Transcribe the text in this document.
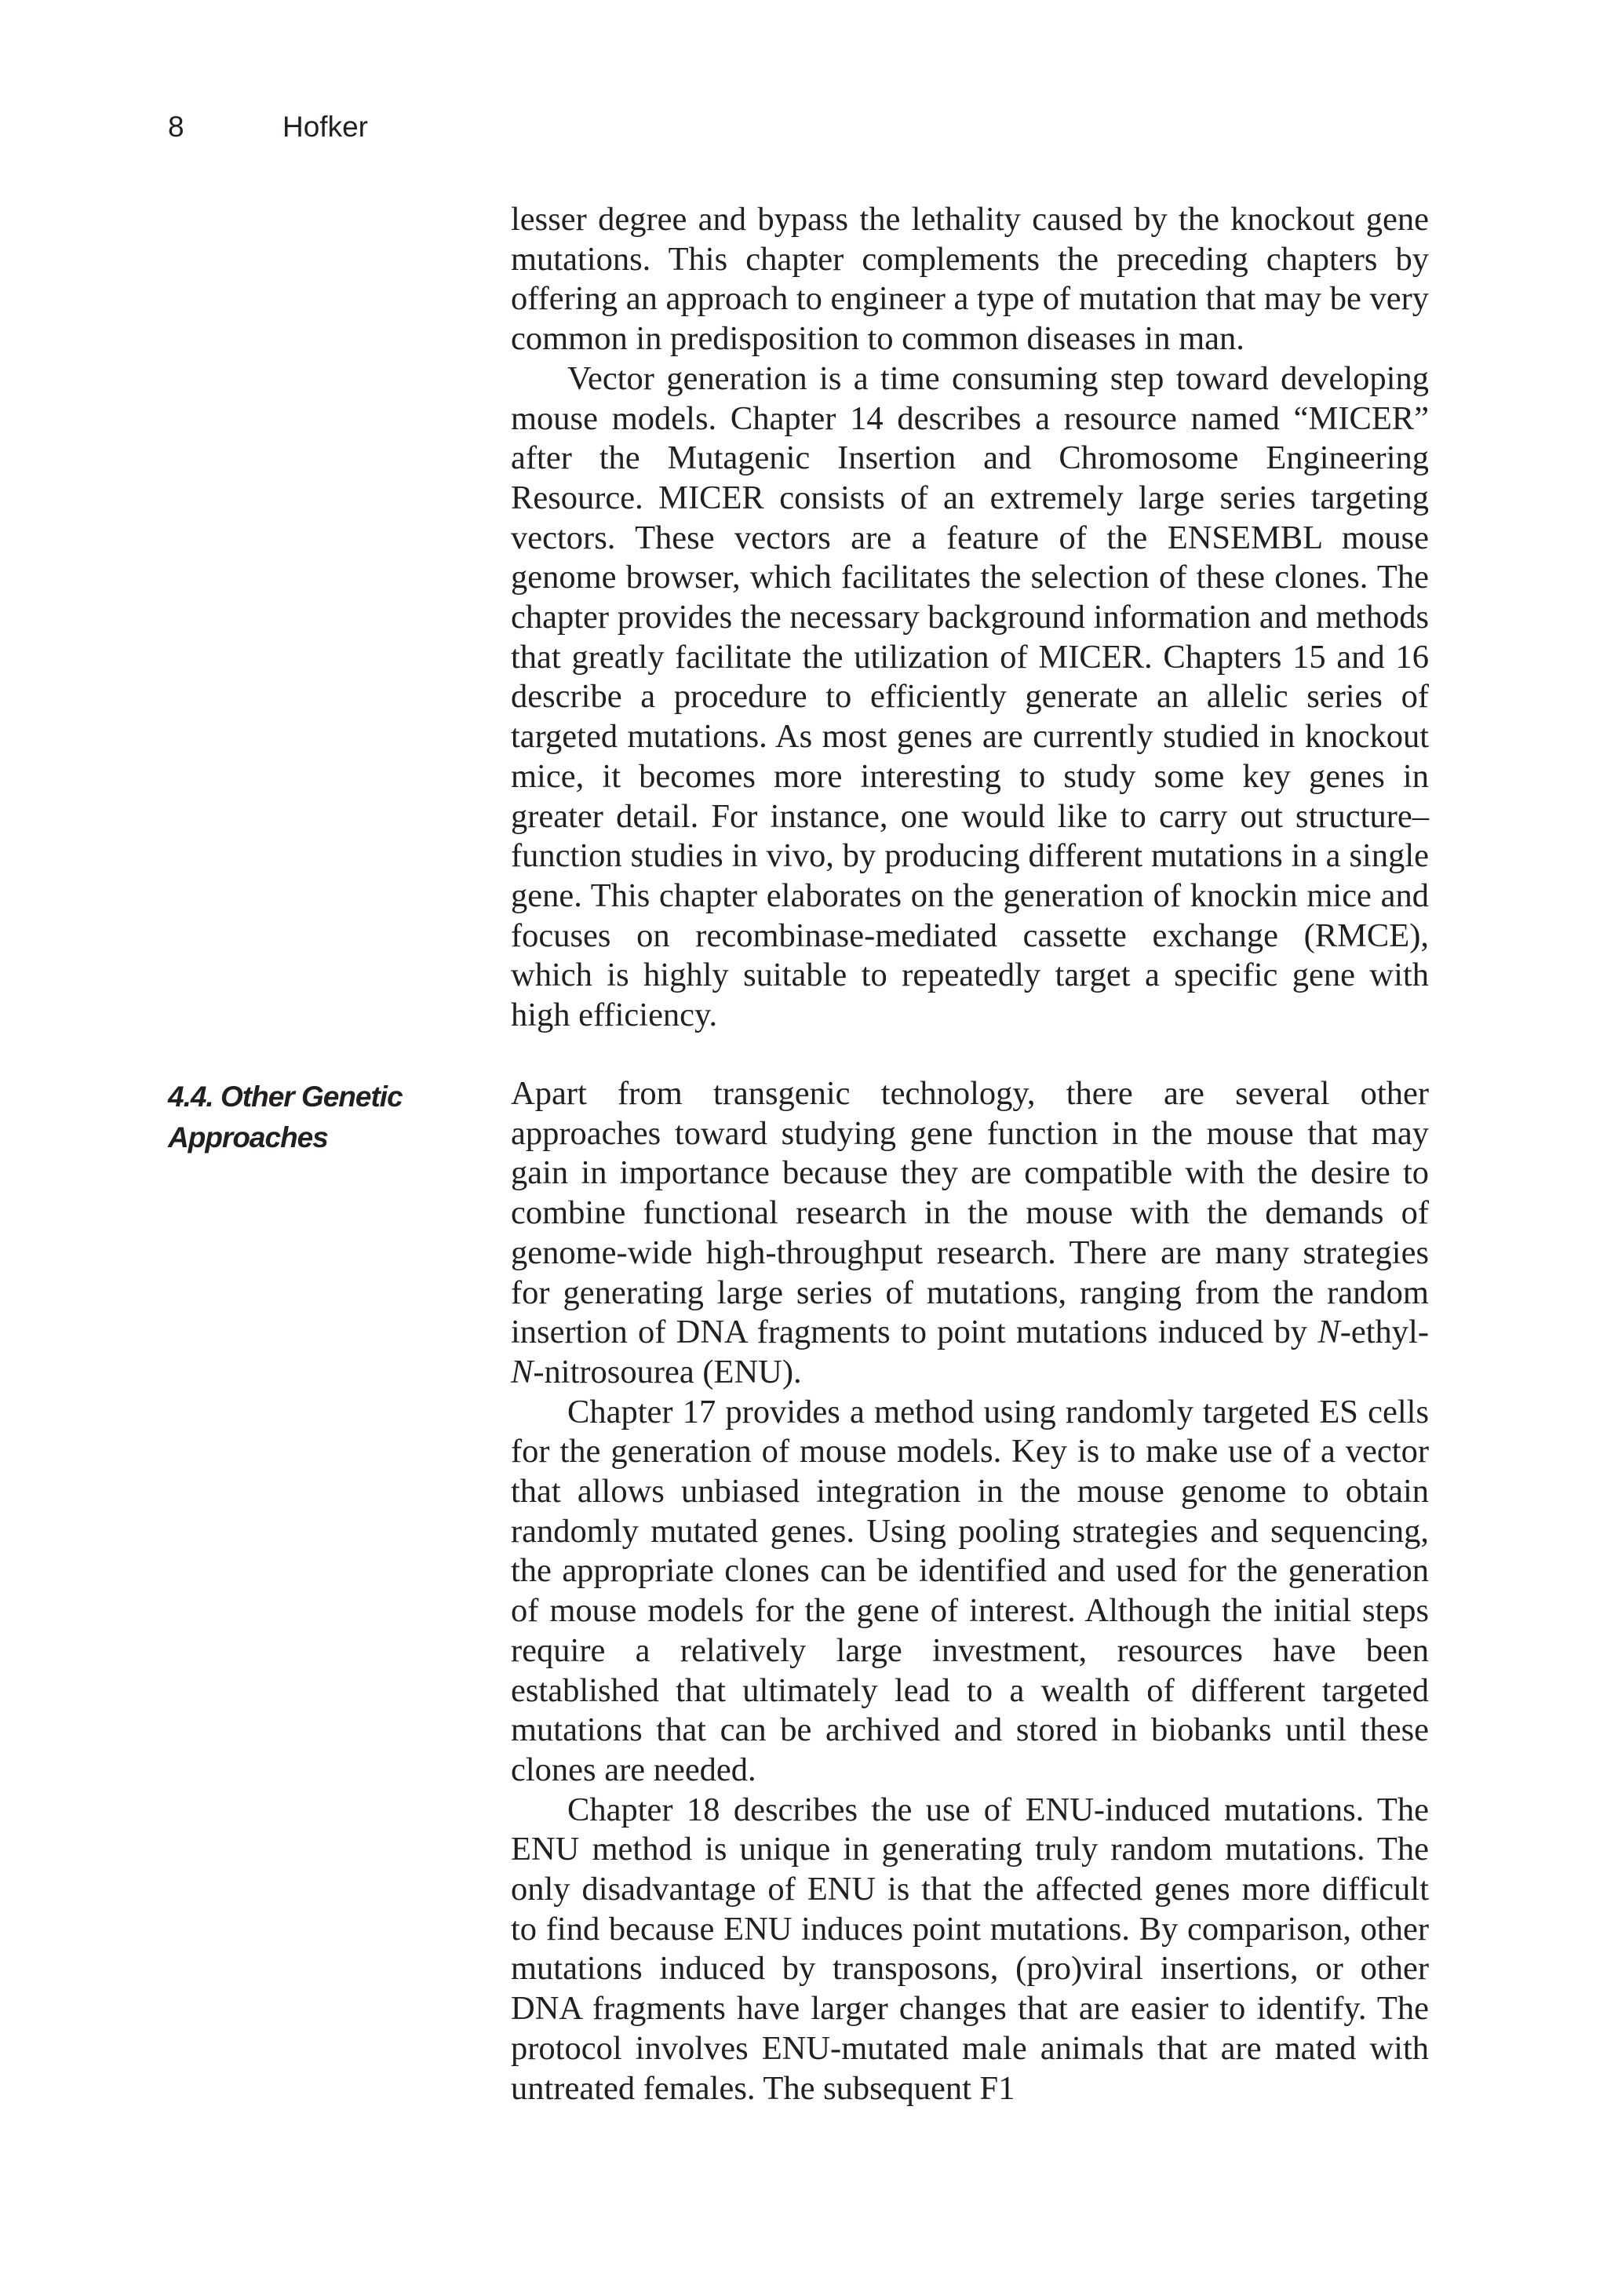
8	Hofker

lesser degree and bypass the lethality caused by the knockout gene mutations. This chapter complements the preceding chapters by offering an approach to engineer a type of mutation that may be very common in predisposition to common diseases in man.

Vector generation is a time consuming step toward developing mouse models. Chapter 14 describes a resource named “MICER” after the Mutagenic Insertion and Chromosome Engineering Resource. MICER consists of an extremely large series targeting vectors. These vectors are a feature of the ENSEMBL mouse genome browser, which facilitates the selection of these clones. The chapter provides the necessary background information and methods that greatly facilitate the utilization of MICER. Chapters 15 and 16 describe a procedure to efficiently generate an allelic series of targeted mutations. As most genes are currently studied in knockout mice, it becomes more interesting to study some key genes in greater detail. For instance, one would like to carry out structure–function studies in vivo, by producing different mutations in a single gene. This chapter elaborates on the generation of knockin mice and focuses on recombinase-mediated cassette exchange (RMCE), which is highly suitable to repeatedly target a specific gene with high efficiency.

4.4. Other Genetic
Approaches

Apart from transgenic technology, there are several other approaches toward studying gene function in the mouse that may gain in importance because they are compatible with the desire to combine functional research in the mouse with the demands of genome-wide high-throughput research. There are many strategies for generating large series of mutations, ranging from the random insertion of DNA fragments to point mutations induced by N-ethyl-N-nitrosourea (ENU).

Chapter 17 provides a method using randomly targeted ES cells for the generation of mouse models. Key is to make use of a vector that allows unbiased integration in the mouse genome to obtain randomly mutated genes. Using pooling strategies and sequencing, the appropriate clones can be identified and used for the generation of mouse models for the gene of interest. Although the initial steps require a relatively large investment, resources have been established that ultimately lead to a wealth of different targeted mutations that can be archived and stored in biobanks until these clones are needed.

Chapter 18 describes the use of ENU-induced mutations. The ENU method is unique in generating truly random mutations. The only disadvantage of ENU is that the affected genes more difficult to find because ENU induces point mutations. By comparison, other mutations induced by transposons, (pro)viral insertions, or other DNA fragments have larger changes that are easier to identify. The protocol involves ENU-mutated male animals that are mated with untreated females. The subsequent F1
